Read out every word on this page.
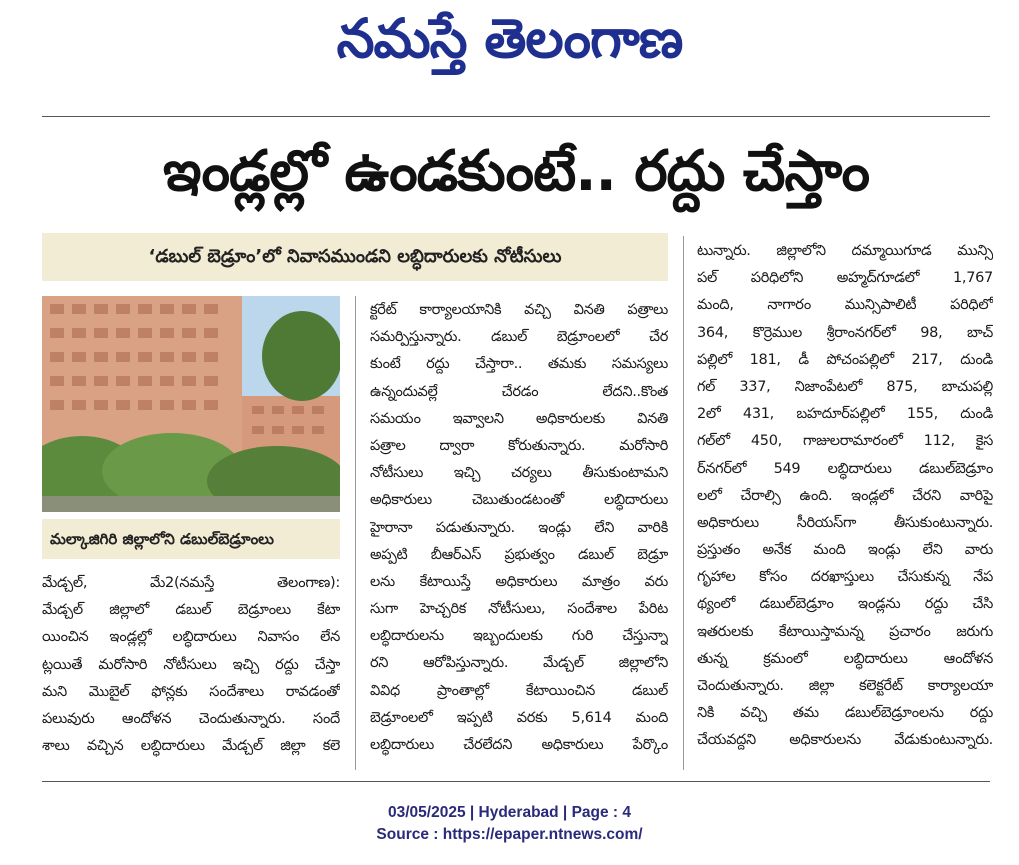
నమస్తే తెలంగాణ
ఇండ్లల్లో ఉండకుంటే.. రద్దు చేస్తాం
‘డబుల్ బెడ్రూం’లో నివాసముండని లబ్ధిదారులకు నోటీసులు
మల్కాజిగిరి జిల్లాలోని డబుల్‌బెడ్రూంలు
మేడ్చల్, మే2(నమస్తే తెలంగాణ):
మేడ్చల్ జిల్లాలో డబుల్ బెడ్రూంలు కేటా
యించిన ఇండ్లల్లో లబ్ధిదారులు నివాసం లేన
ట్లయితే మరోసారి నోటీసులు ఇచ్చి రద్దు చేస్తా
మని మొబైల్ ఫోన్లకు సందేశాలు రావడంతో
పలువురు ఆందోళన చెందుతున్నారు. సందే
శాలు వచ్చిన లబ్ధిదారులు మేడ్చల్ జిల్లా కలె
క్టరేట్ కార్యాలయానికి వచ్చి వినతి పత్రాలు
సమర్పిస్తున్నారు. డబుల్ బెడ్రూంలలో చేర
కుంటే రద్దు చేస్తారా.. తమకు సమస్యలు
ఉన్నందువల్లే చేరడం లేదని..కొంత
సమయం ఇవ్వాలని అధికారులకు వినతి
పత్రాల ద్వారా కోరుతున్నారు. మరోసారి
నోటీసులు ఇచ్చి చర్యలు తీసుకుంటామని
అధికారులు చెబుతుండటంతో లబ్ధిదారులు
హైరానా పడుతున్నారు. ఇండ్లు లేని వారికి
అప్పటి బీఆర్ఎస్ ప్రభుత్వం డబుల్ బెడ్రూ
లను కేటాయిస్తే అధికారులు మాత్రం వరు
సుగా హెచ్చరిక నోటీసులు, సందేశాల పేరిట
లబ్ధిదారులను ఇబ్బందులకు గురి చేస్తున్నా
రని ఆరోపిస్తున్నారు. మేడ్చల్ జిల్లాలోని
వివిధ ప్రాంతాల్లో కేటాయించిన డబుల్
బెడ్రూంలలో ఇప్పటి వరకు 5,614 మంది
లబ్ధిదారులు చేరలేదని అధికారులు పేర్కొం
టున్నారు. జిల్లాలోని దమ్మాయిగూడ మున్సి
పల్ పరిధిలోని అహ్మద్‌గూడలో 1,767
మంది, నాగారం మున్సిపాలిటీ పరిధిలో
364, కొర్రెముల శ్రీరాంనగర్‌లో 98, బాచ్
పల్లిలో 181, డీ పోచంపల్లిలో 217, దుండి
గల్ 337, నిజాంపేటలో 875, బాచుపల్లి
2లో 431, బహదూర్‌పల్లిలో 155, దుండి
గల్‌లో 450, గాజులరామారంలో 112, కైస
ర్‌నగర్‌లో 549 లబ్ధిదారులు డబుల్‌బెడ్రూం
లలో చేరాల్సి ఉంది. ఇండ్లలో చేరని వారిపై
అధికారులు సీరియస్‌గా తీసుకుంటున్నారు.
ప్రస్తుతం అనేక మంది ఇండ్లు లేని వారు
గృహాల కోసం దరఖాస్తులు చేసుకున్న నేప
థ్యంలో డబుల్‌బెడ్రూం ఇండ్లను రద్దు చేసి
ఇతరులకు కేటాయిస్తామన్న ప్రచారం జరుగు
తున్న క్రమంలో లబ్ధిదారులు ఆందోళన
చెందుతున్నారు. జిల్లా కలెక్టరేట్ కార్యాలయా
నికి వచ్చి తమ డబుల్‌బెడ్రూంలను రద్దు
చేయవద్దని అధికారులను వేడుకుంటున్నారు.
03/05/2025 | Hyderabad | Page : 4
Source : https://epaper.ntnews.com/
